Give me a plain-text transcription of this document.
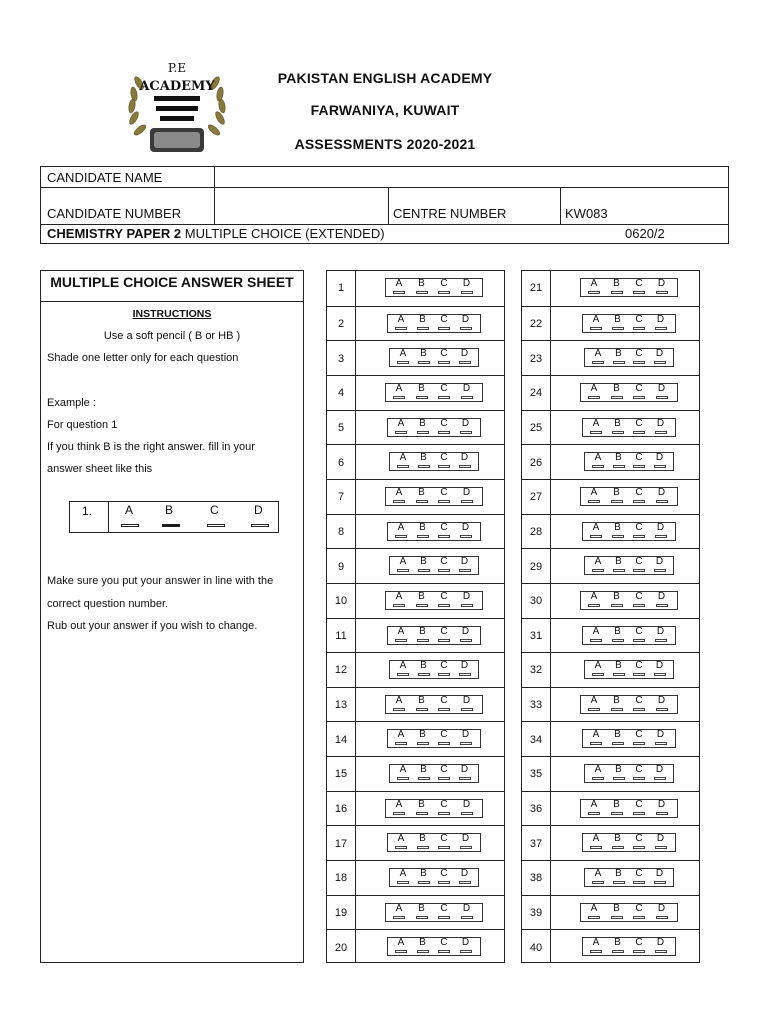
P.E
ACADEMY
PAKISTAN ENGLISH ACADEMY
FARWANIYA, KUWAIT
ASSESSMENTS 2020-2021
CANDIDATE NAME
CANDIDATE NUMBER	CENTRE NUMBER	KW083
CHEMISTRY PAPER 2 MULTIPLE CHOICE (EXTENDED)	0620/2
MULTIPLE CHOICE ANSWER SHEET
INSTRUCTIONS
Use a soft pencil ( B or HB )
Shade one letter only for each question
Example :
For question 1
If you think B is the right answer. fill in your
answer sheet like this
1.	A	B	C	D
Make sure you put your answer in line with the
correct question number.
Rub out your answer if you wish to change.
1	A	B	C	D
2	A	B	C	D
3	A	B	C	D
4	A	B	C	D
5	A	B	C	D
6	A	B	C	D
7	A	B	C	D
8	A	B	C	D
9	A	B	C	D
10	A	B	C	D
11	A	B	C	D
12	A	B	C	D
13	A	B	C	D
14	A	B	C	D
15	A	B	C	D
16	A	B	C	D
17	A	B	C	D
18	A	B	C	D
19	A	B	C	D
20	A	B	C	D
21	A	B	C	D
22	A	B	C	D
23	A	B	C	D
24	A	B	C	D
25	A	B	C	D
26	A	B	C	D
27	A	B	C	D
28	A	B	C	D
29	A	B	C	D
30	A	B	C	D
31	A	B	C	D
32	A	B	C	D
33	A	B	C	D
34	A	B	C	D
35	A	B	C	D
36	A	B	C	D
37	A	B	C	D
38	A	B	C	D
39	A	B	C	D
40	A	B	C	D
